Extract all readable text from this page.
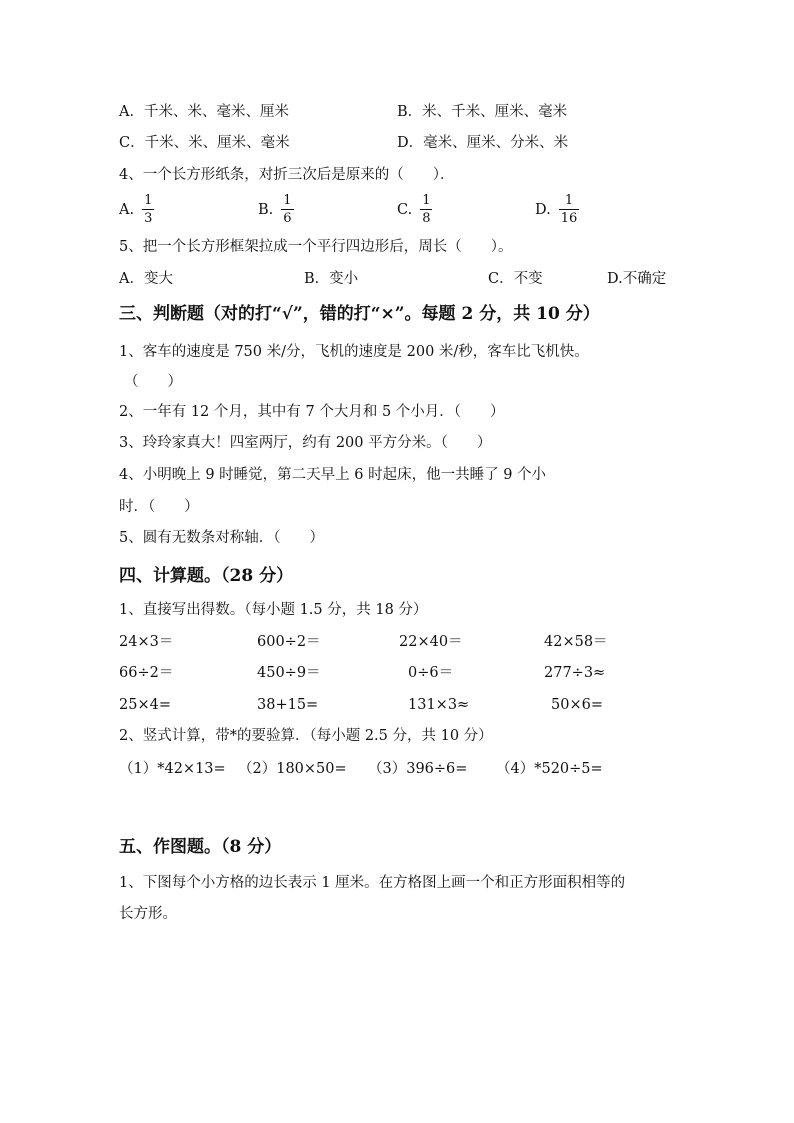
A．千米、米、毫米、厘米	B．米、千米、厘米、毫米
C．千米、米、厘米、毫米	D．毫米、厘米、分米、米
4、一个长方形纸条，对折三次后是原来的（　　）．
A. $\frac{1}{3}$	B. $\frac{1}{6}$	C. $\frac{1}{8}$	D. $\frac{1}{16}$
5、把一个长方形框架拉成一个平行四边形后，周长（　　）。
A．变大	B．变小	C．不变	D.不确定
三、判断题（对的打“√”，错的打“×”。每题 2 分，共 10 分）
1、客车的速度是 750 米/分，飞机的速度是 200 米/秒，客车比飞机快。
（　　）
2、一年有 12 个月，其中有 7 个大月和 5 个小月．（　　）
3、玲玲家真大！四室两厅，约有 200 平方分米。（　　）
4、小明晚上 9 时睡觉，第二天早上 6 时起床，他一共睡了 9 个小
时．（　　）
5、圆有无数条对称轴．（　　）
四、计算题。（28 分）
1、直接写出得数。（每小题 1.5 分，共 18 分）
24×3＝	600÷2＝	22×40＝	42×58＝
66÷2＝	450÷9＝	0÷6＝	277÷3≈
25×4=	38+15=	131×3≈	50×6=
2、竖式计算，带*的要验算．（每小题 2.5 分，共 10 分）
（1）*42×13= （2）180×50= （3）396÷6= （4）*520÷5=
五、作图题。（8 分）
1、下图每个小方格的边长表示 1 厘米。在方格图上画一个和正方形面积相等的
长方形。
